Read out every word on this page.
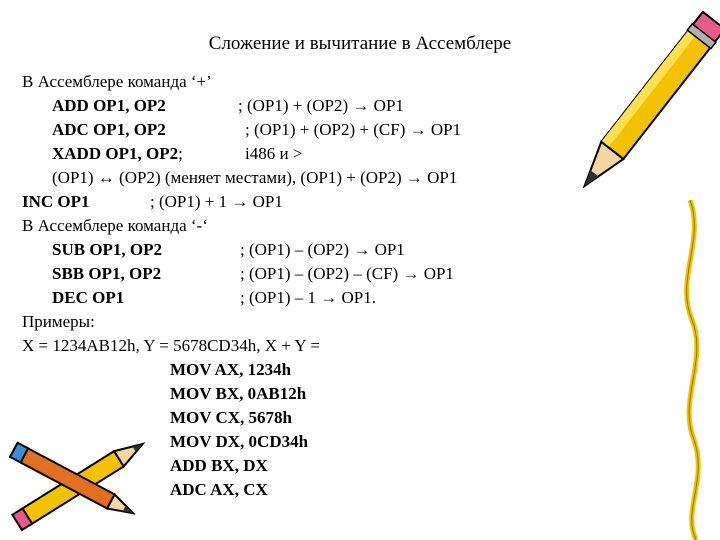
Сложение и вычитание в Ассемблере
В Ассемблере команда ‘+’
ADD OP1, OP2	; (OP1) + (OP2) → OP1
ADC OP1, OP2	; (OP1) + (OP2) + (CF) → OP1
XADD OP1, OP2;	i486 и >
(OP1) ↔ (OP2) (меняет местами), (OP1) + (OP2) → OP1
INC OP1	; (OP1) + 1 → OP1
В Ассемблере команда ‘-‘
SUB OP1, OP2	; (OP1) – (OP2) → OP1
SBB OP1, OP2	; (OP1) – (OP2) – (CF) → OP1
DEC OP1	; (OP1) – 1 → OP1.
Примеры:
X = 1234AB12h, Y = 5678CD34h, X + Y =
MOV AX, 1234h
MOV BX, 0AB12h
MOV CX, 5678h
MOV DX, 0CD34h
ADD BX, DX
ADC AX, CX
